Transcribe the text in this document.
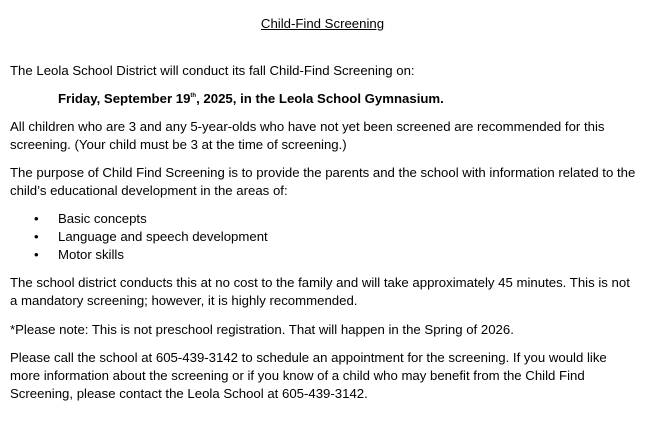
Child-Find Screening

The Leola School District will conduct its fall Child-Find Screening on:

Friday, September 19th, 2025, in the Leola School Gymnasium.

All children who are 3 and any 5-year-olds who have not yet been screened are recommended for this screening. (Your child must be 3 at the time of screening.)

The purpose of Child Find Screening is to provide the parents and the school with information related to the child’s educational development in the areas of:

• Basic concepts
• Language and speech development
• Motor skills

The school district conducts this at no cost to the family and will take approximately 45 minutes. This is not a mandatory screening; however, it is highly recommended.

*Please note: This is not preschool registration. That will happen in the Spring of 2026.

Please call the school at 605-439-3142 to schedule an appointment for the screening. If you would like more information about the screening or if you know of a child who may benefit from the Child Find Screening, please contact the Leola School at 605-439-3142.
